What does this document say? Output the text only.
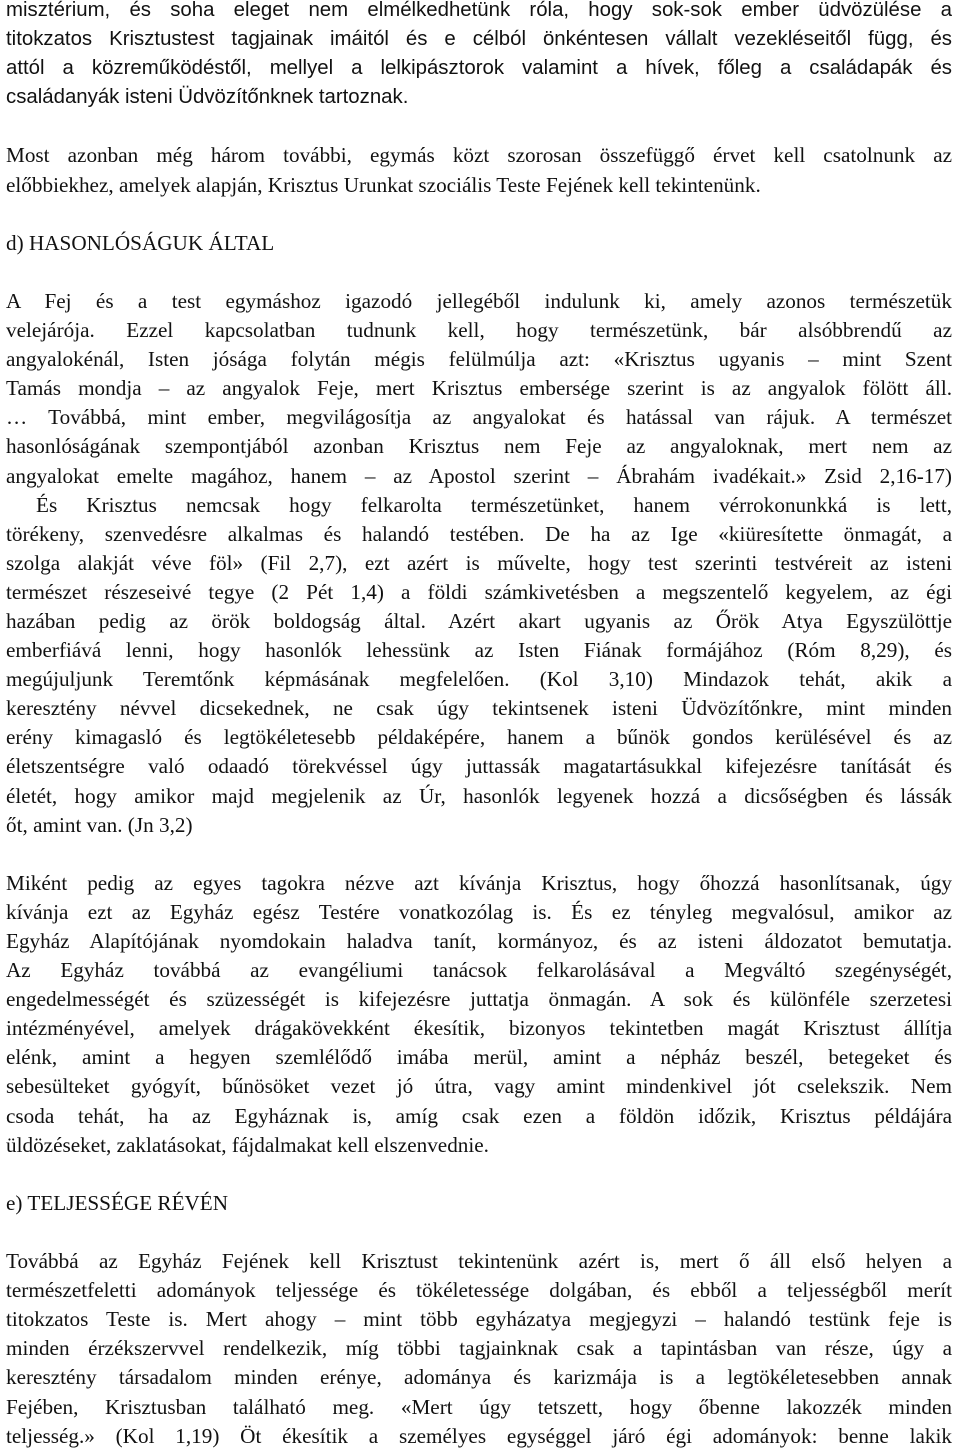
misztérium, és soha eleget nem elmélkedhetünk róla, hogy sok-sok ember üdvözülése a
titokzatos Krisztustest tagjainak imáitól és e célból önkéntesen vállalt vezekléseitől függ, és
attól a közreműködéstől, mellyel a lelkipásztorok valamint a hívek, főleg a családapák és
családanyák isteni Üdvözítőnknek tartoznak.

Most azonban még három további, egymás közt szorosan összefüggő érvet kell csatolnunk az
előbbiekhez, amelyek alapján, Krisztus Urunkat szociális Teste Fejének kell tekintenünk.

d) HASONLÓSÁGUK ÁLTAL

A Fej és a test egymáshoz igazodó jellegéből indulunk ki, amely azonos természetük
velejárója. Ezzel kapcsolatban tudnunk kell, hogy természetünk, bár alsóbbrendű az
angyalokénál, Isten jósága folytán mégis felülmúlja azt: «Krisztus ugyanis – mint Szent
Tamás mondja – az angyalok Feje, mert Krisztus embersége szerint is az angyalok fölött áll.
… Továbbá, mint ember, megvilágosítja az angyalokat és hatással van rájuk. A természet
hasonlóságának szempontjából azonban Krisztus nem Feje az angyaloknak, mert nem az
angyalokat emelte magához, hanem – az Apostol szerint – Ábrahám ivadékait.» Zsid 2,16-17)
És Krisztus nemcsak hogy felkarolta természetünket, hanem vérrokonunkká is lett,
törékeny, szenvedésre alkalmas és halandó testében. De ha az Ige «kiüresítette önmagát, a
szolga alakját véve föl» (Fil 2,7), ezt azért is művelte, hogy test szerinti testvéreit az isteni
természet részeseivé tegye (2 Pét 1,4) a földi számkivetésben a megszentelő kegyelem, az égi
hazában pedig az örök boldogság által. Azért akart ugyanis az Őrök Atya Egyszülöttje
emberfiává lenni, hogy hasonlók lehessünk az Isten Fiának formájához (Róm 8,29), és
megújuljunk Teremtőnk képmásának megfelelően. (Kol 3,10) Mindazok tehát, akik a
keresztény névvel dicsekednek, ne csak úgy tekintsenek isteni Üdvözítőnkre, mint minden
erény kimagasló és legtökéletesebb példaképére, hanem a bűnök gondos kerülésével és az
életszentségre való odaadó törekvéssel úgy juttassák magatartásukkal kifejezésre tanítását és
életét, hogy amikor majd megjelenik az Úr, hasonlók legyenek hozzá a dicsőségben és lássák
őt, amint van. (Jn 3,2)

Miként pedig az egyes tagokra nézve azt kívánja Krisztus, hogy őhozzá hasonlítsanak, úgy
kívánja ezt az Egyház egész Testére vonatkozólag is. És ez tényleg megvalósul, amikor az
Egyház Alapítójának nyomdokain haladva tanít, kormányoz, és az isteni áldozatot bemutatja.
Az Egyház továbbá az evangéliumi tanácsok felkarolásával a Megváltó szegénységét,
engedelmességét és szüzességét is kifejezésre juttatja önmagán. A sok és különféle szerzetesi
intézményével, amelyek drágakövekként ékesítik, bizonyos tekintetben magát Krisztust állítja
elénk, amint a hegyen szemlélődő imába merül, amint a népház beszél, betegeket és
sebesülteket gyógyít, bűnösöket vezet jó útra, vagy amint mindenkivel jót cselekszik. Nem
csoda tehát, ha az Egyháznak is, amíg csak ezen a földön időzik, Krisztus példájára
üldözéseket, zaklatásokat, fájdalmakat kell elszenvednie.

e) TELJESSÉGE RÉVÉN

Továbbá az Egyház Fejének kell Krisztust tekintenünk azért is, mert ő áll első helyen a
természetfeletti adományok teljessége és tökéletessége dolgában, és ebből a teljességből merít
titokzatos Teste is. Mert ahogy – mint több egyházatya megjegyzi – halandó testünk feje is
minden érzékszervvel rendelkezik, míg többi tagjainknak csak a tapintásban van része, úgy a
keresztény társadalom minden erénye, adománya és karizmája is a legtökéletesebben annak
Fejében, Krisztusban található meg. «Mert úgy tetszett, hogy őbenne lakozzék minden
teljesség.» (Kol 1,19) Öt ékesítik a személyes egységgel járó égi adományok: benne lakik
